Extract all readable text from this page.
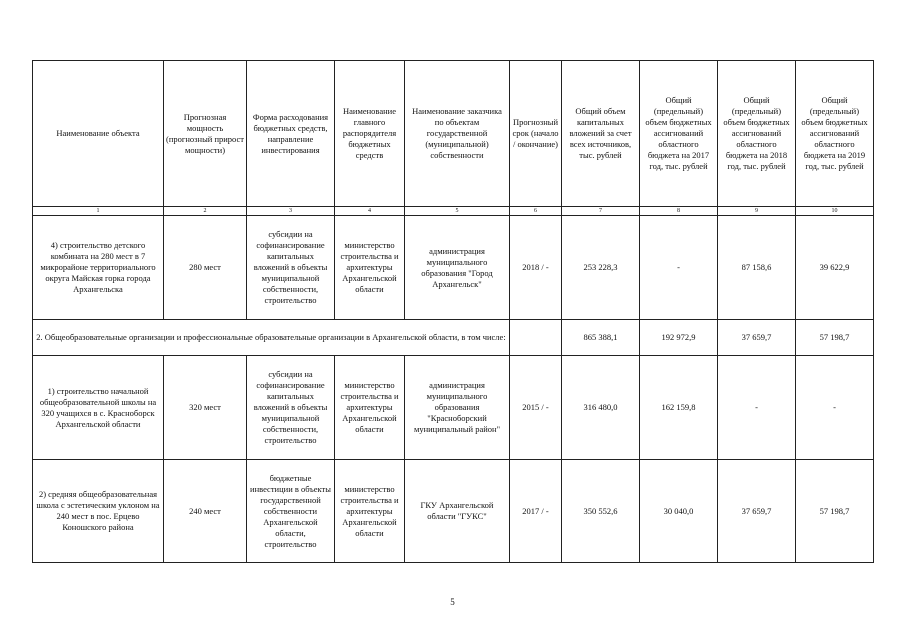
Наименование объекта	Прогнозная мощность (прогнозный прирост мощности)	Форма расходования бюджетных средств, направление инвестирования	Наименование главного распорядителя бюджетных средств	Наименование заказчика по объектам государственной (муниципальной) собственности	Прогнозный срок (начало / окончание)	Общий объем капитальных вложений за счет всех источников, тыс. рублей	Общий (предельный) объем бюджетных ассигнований областного бюджета на 2017 год, тыс. рублей	Общий (предельный) объем бюджетных ассигнований областного бюджета на 2018 год, тыс. рублей	Общий (предельный) объем бюджетных ассигнований областного бюджета на 2019 год, тыс. рублей
1	2	3	4	5	6	7	8	9	10
4) строительство детского комбината на 280 мест в 7 микрорайоне территориального округа Майская горка города Архангельска	280 мест	субсидии на софинансирование капитальных вложений в объекты муниципальной собственности, строительство	министерство строительства и архитектуры Архангельской области	администрация муниципального образования "Город Архангельск"	2018 / -	253 228,3	-	87 158,6	39 622,9
2. Общеобразовательные организации и профессиональные образовательные организации в Архангельской области, в том числе:						865 388,1	192 972,9	37 659,7	57 198,7
1) строительство начальной общеобразовательной школы на 320 учащихся в с. Красноборск Архангельской области	320 мест	субсидии на софинансирование капитальных вложений в объекты муниципальной собственности, строительство	министерство строительства и архитектуры Архангельской области	администрация муниципального образования "Красноборский муниципальный район"	2015 / -	316 480,0	162 159,8	-	-
2) средняя общеобразовательная школа с эстетическим уклоном на 240 мест в пос. Ерцево Коношского района	240 мест	бюджетные инвестиции в объекты государственной собственности Архангельской области, строительство	министерство строительства и архитектуры Архангельской области	ГКУ Архангельской области "ГУКС"	2017 / -	350 552,6	30 040,0	37 659,7	57 198,7
5
